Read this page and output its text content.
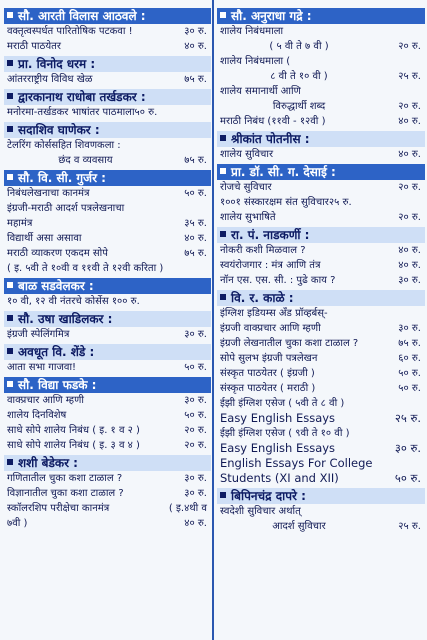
सौ. आरती विलास आठवले :
वक्तृत्वस्पर्धत पारितोषिक पटकवा !	३० रु.
मराठी पाठयेतर	४० रु.
प्रा. विनोद धरम :
आंतरराष्ट्रीय विविध खेळ	७५ रु.
द्वारकानाथ राधोबा तर्खडकर :
मनोरमा-तर्खडकर भाषांतर पाठमाला५० रु.
सदाशिव घाणेकर :
टेलरिंग कोर्ससहित शिवणकला :
छंद व व्यवसाय	७५ रु.
सौ. वि. सी. गुर्जर :
निबंधलेखनाचा कानमंत्र	५० रु.
इंग्रजी-मराठी आदर्श पत्रलेखनाचा
महामंत्र	३५ रु.
विद्यार्थी असा असावा	४० रु.
मराठी व्याकरण एकदम सोपे	७५ रु.
( इ. ५वी ते १०वी व ११वी ते १२वी करिता )
बाळ सडवेलकर :
१० वी, १२ वी नंतरचे कोर्सेस १०० रु.
सौ. उषा खाडिलकर :
इंग्रजी स्पेलिंगमित्र	३० रु.
अवधूत वि. शेंडे :
आता सभा गाजवा!	५० रु.
सौ. विद्या फडके :
वाक्प्रचार आणि म्हणी	३० रु.
शालेय दिनविशेष	५० रु.
साधे सोपे शालेय निबंध ( इ. १ व २ )	२० रु.
साधे सोपे शालेय निबंध ( इ. ३ व ४ )	२० रु.
शशी बेडेकर :
गणितातील चुका कशा टाळाल ?	३० रु.
विज्ञानातील चुका कशा टाळाल ?	३० रु.
स्कॉलरशिप परीक्षेचा कानमंत्र	( इ.४थी व
७वी )	४० रु.
सौ. अनुराधा गद्रे :
शालेय निबंधमाला
( ५ वी ते ७ वी )	२० रु.
शालेय निबंधमाला (
८ वी ते १० वी )	२५ रु.
शालेय समानार्थी आणि
विरुद्धार्थी शब्द	२० रु.
मराठी निबंध (११वी - १२वी )	४० रु.
श्रीकांत पोतनीस :
शालेय सुविचार	४० रु.
प्रा. डॉ. सी. ग. देसाई :
रोजचे सुविचार	२० रु.
१००१ संस्कारक्षम संत सुविचार२५ रु.
शालेय सुभाषिते	२० रु.
रा. पं. नाडकर्णी :
नोकरी कशी मिळवाल ?	४० रु.
स्वयंरोजगार : मंत्र आणि तंत्र	४० रु.
नॉन एस. एस. सी. : पुढे काय ?	३० रु.
वि. र. काळे :
इंग्लिश इडियम्स अँड प्रॉव्हर्बस्-
इंग्रजी वाक्प्रचार आणि म्हणी	३० रु.
इंग्रजी लेखनातील चुका कशा टाळाल ?	७५ रु.
सोपे सुलभ इंग्रजी पत्रलेखन	६० रु.
संस्कृत पाठयेतर ( इंग्रजी )	५० रु.
संस्कृत पाठयेतर ( मराठी )	५० रु.
ईझी इंग्लिश एसेज ( ५वी ते ८ वी )
Easy English Essays	२५ रु.
ईझी इंग्लिश एसेज ( ९वी ते १० वी )
Easy English Essays	३० रु.
English Essays For College
Students (XI and XII)	५० रु.
बिपिनचंद्र दापरे :
स्वदेशी सुविचार अर्थात्
आदर्श सुविचार	२५ रु.
